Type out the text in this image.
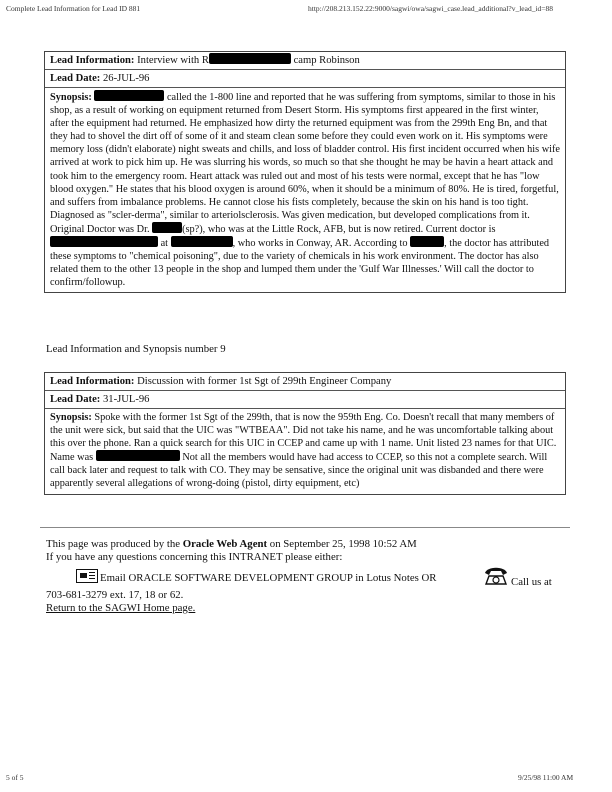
Complete Lead Information for Lead ID 881	http://208.213.152.22:9000/sagwi/owa/sagwi_case.lead_additional?v_lead_id=88
Lead Information: Interview with R	camp Robinson
Lead Date: 26-JUL-96
Synopsis:	called the 1-800 line and reported that he was suffering from symptoms, similar to those in his shop, as a result of working on equipment returned from Desert Storm. His symptoms first appeared in the first winter, after the equipment had returned. He emphasized how dirty the returned equipment was from the 299th Eng Bn, and that they had to shovel the dirt off of some of it and steam clean some before they could even work on it. His symptoms were memory loss (didn't elaborate) night sweats and chills, and loss of bladder control. His first incident occurred when his wife arrived at work to pick him up. He was slurring his words, so much so that she thought he may be havin a heart attack and took him to the emergency room. Heart attack was ruled out and most of his tests were normal, except that he has "low blood oxygen." He states that his blood oxygen is around 60%, when it should be a minimum of 80%. He is tired, forgetful, and suffers from imbalance problems. He cannot close his fists completely, because the skin on his hand is too tight. Diagnosed as "scler-derma", similar to arteriolsclerosis. Was given medication, but developed complications from it. Original Doctor was Dr.	(sp?), who was at the Little Rock, AFB, but is now retired. Current doctor is  at	, who works in Conway, AR. According to	, the doctor has attributed these symptoms to "chemical poisoning", due to the variety of chemicals in his work environment. The doctor has also related them to the other 13 people in the shop and lumped them under the 'Gulf War Illnesses.' Will call the doctor to confirm/followup.
Lead Information and Synopsis number 9
Lead Information: Discussion with former 1st Sgt of 299th Engineer Company
Lead Date: 31-JUL-96
Synopsis: Spoke with the former 1st Sgt of the 299th, that is now the 959th Eng. Co. Doesn't recall that many members of the unit were sick, but said that the UIC was "WTBEAA". Did not take his name, and he was uncomfortable talking about this over the phone. Ran a quick search for this UIC in CCEP and came up with 1 name. Unit listed 23 names for that UIC. Name was	Not all the members would have had access to CCEP, so this not a complete search. Will call back later and request to talk with CO. They may be sensative, since the original unit was disbanded and there were apparently several allegations of wrong-doing (pistol, dirty equipment, etc)
This page was produced by the Oracle Web Agent on September 25, 1998 10:52 AM
If you have any questions concerning this INTRANET please either:
Email ORACLE SOFTWARE DEVELOPMENT GROUP in Lotus Notes OR	Call us at
703-681-3279 ext. 17, 18 or 62.
Return to the SAGWI Home page.
5 of 5	9/25/98 11:00 AM
